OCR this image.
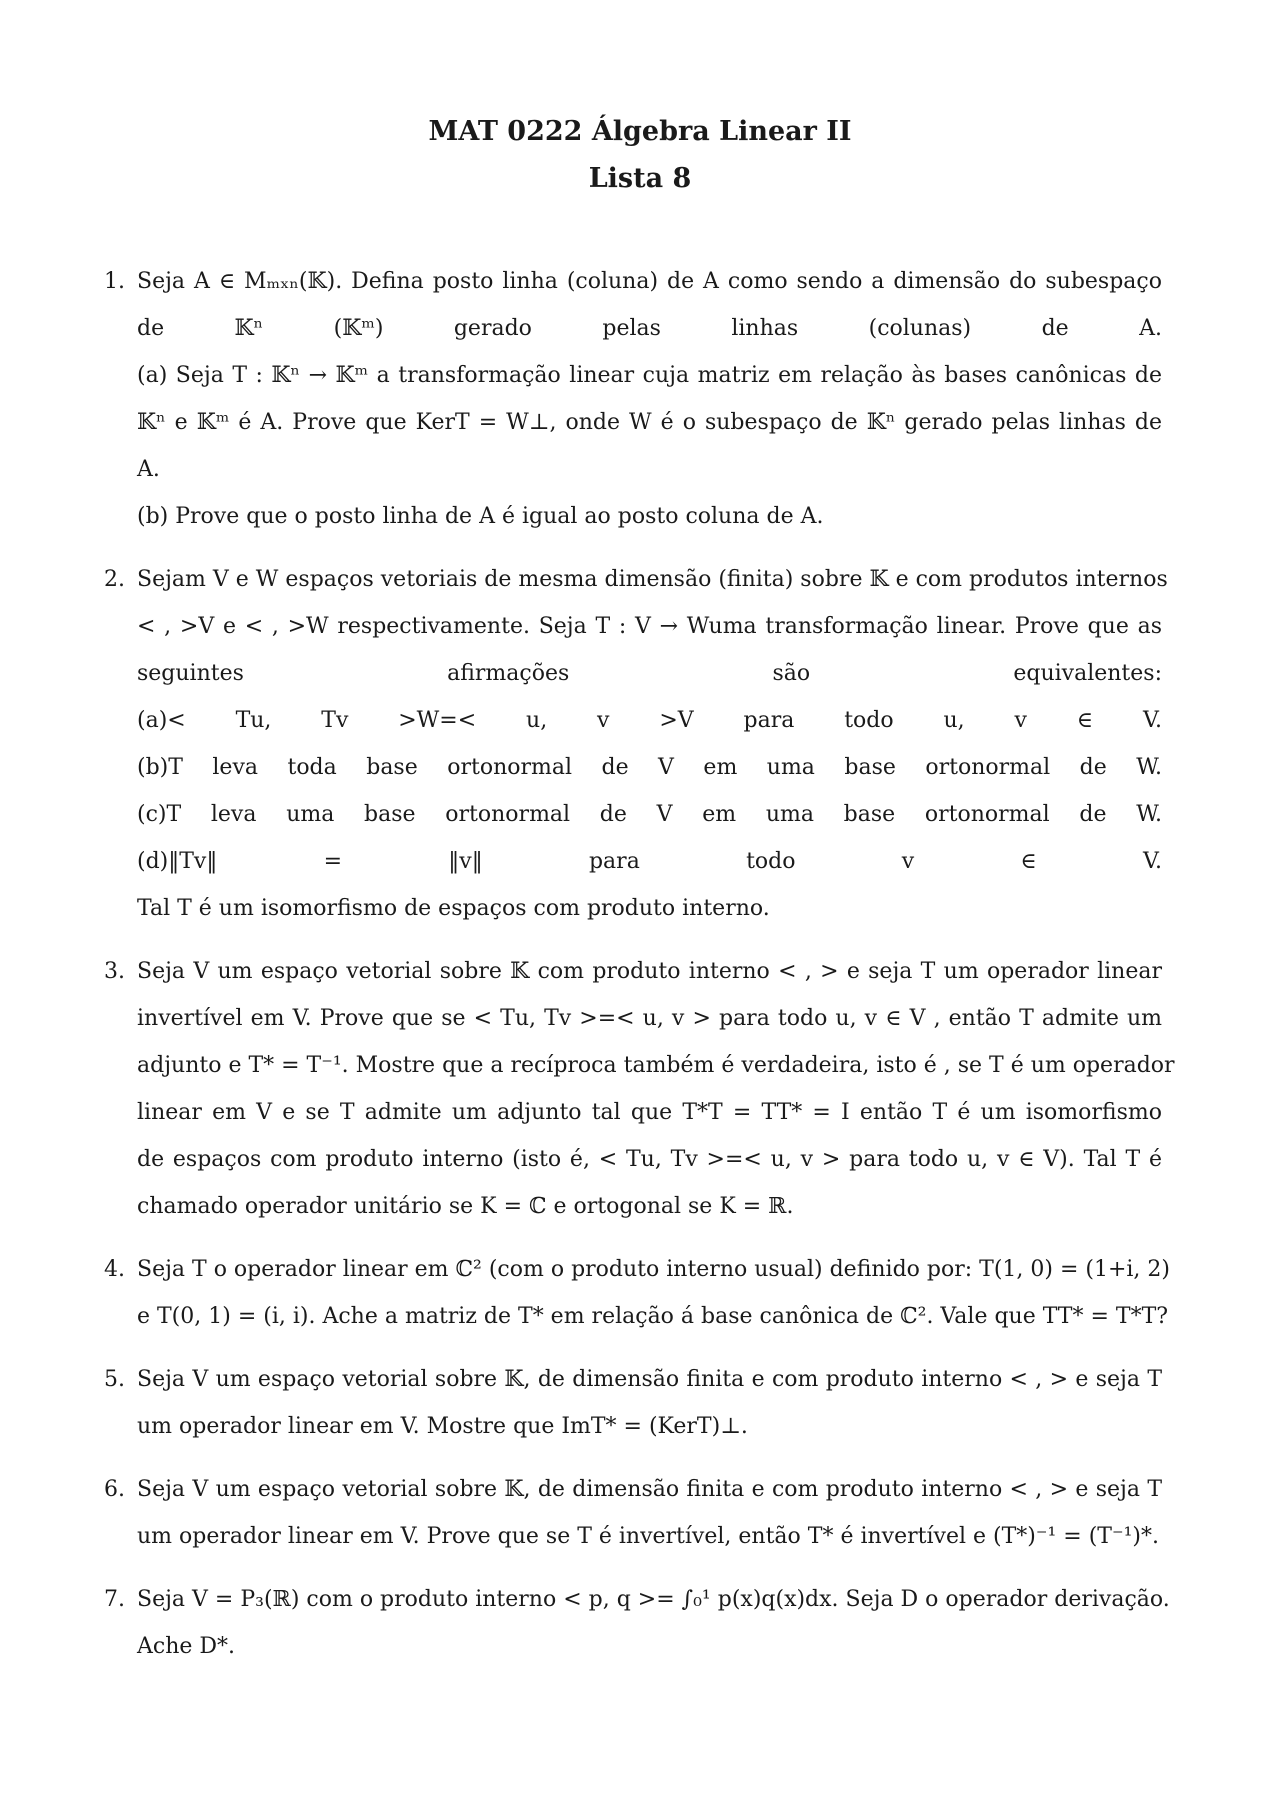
MAT 0222 Álgebra Linear II
Lista 8
1. Seja A ∈ Mₘₓₙ(𝕂). Defina posto linha (coluna) de A como sendo a dimensão do subespaço
de 𝕂ⁿ (𝕂ᵐ) gerado pelas linhas (colunas) de A.
(a) Seja T : 𝕂ⁿ → 𝕂ᵐ a transformação linear cuja matriz em relação às bases canônicas de
𝕂ⁿ e 𝕂ᵐ é A. Prove que KerT = W⊥, onde W é o subespaço de 𝕂ⁿ gerado pelas linhas de
A.
(b) Prove que o posto linha de A é igual ao posto coluna de A.
2. Sejam V e W espaços vetoriais de mesma dimensão (finita) sobre 𝕂 e com produtos internos
< , >V e < , >W respectivamente. Seja T : V → Wuma transformação linear. Prove que as
seguintes afirmações são equivalentes:
(a)< Tu, Tv >W=< u, v >V para todo u, v ∈ V.
(b)T leva toda base ortonormal de V em uma base ortonormal de W.
(c)T leva uma base ortonormal de V em uma base ortonormal de W.
(d)‖Tv‖ = ‖v‖ para todo v ∈ V.
Tal T é um isomorfismo de espaços com produto interno.
3. Seja V um espaço vetorial sobre 𝕂 com produto interno < , > e seja T um operador linear
invertível em V. Prove que se < Tu, Tv >=< u, v > para todo u, v ∈ V , então T admite um
adjunto e T* = T⁻¹. Mostre que a recíproca também é verdadeira, isto é , se T é um operador
linear em V e se T admite um adjunto tal que T*T = TT* = I então T é um isomorfismo
de espaços com produto interno (isto é, < Tu, Tv >=< u, v > para todo u, v ∈ V). Tal T é
chamado operador unitário se K = ℂ e ortogonal se K = ℝ.
4. Seja T o operador linear em ℂ² (com o produto interno usual) definido por: T(1, 0) = (1+i, 2)
e T(0, 1) = (i, i). Ache a matriz de T* em relação á base canônica de ℂ². Vale que TT* = T*T?
5. Seja V um espaço vetorial sobre 𝕂, de dimensão finita e com produto interno < , > e seja T
um operador linear em V. Mostre que ImT* = (KerT)⊥.
6. Seja V um espaço vetorial sobre 𝕂, de dimensão finita e com produto interno < , > e seja T
um operador linear em V. Prove que se T é invertível, então T* é invertível e (T*)⁻¹ = (T⁻¹)*.
7. Seja V = P₃(ℝ) com o produto interno < p, q >= ∫₀¹ p(x)q(x)dx. Seja D o operador derivação.
Ache D*.
